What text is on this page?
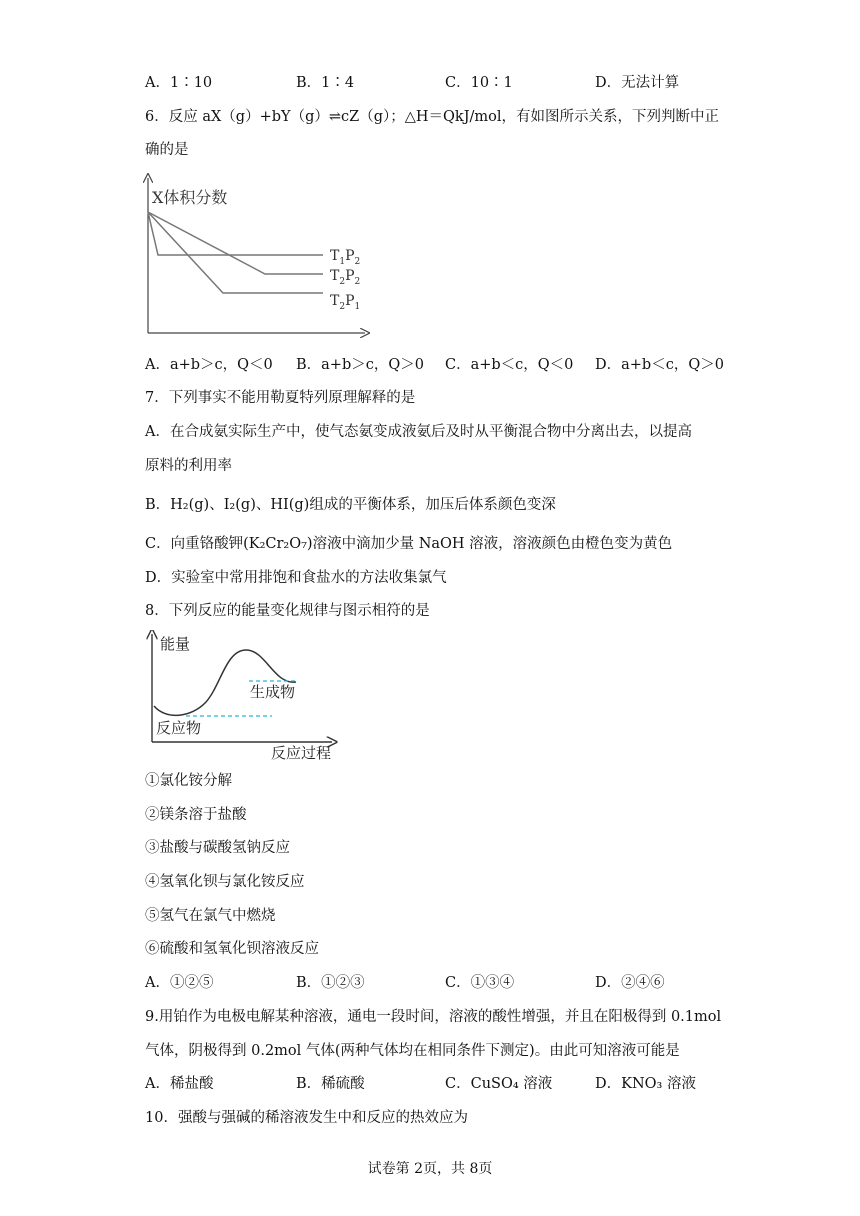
A．1∶10	B．1∶4	C．10∶1	D．无法计算
6．反应 aX（g）+bY（g）⇌cZ（g）；△H＝QkJ/mol，有如图所示关系，下列判断中正
确的是
X体积分数
$T_1P_2$
$T_2P_2$
$T_2P_1$
A．a+b＞c，Q＜0 B．a+b＞c，Q＞0 C．a+b＜c，Q＜0 D．a+b＜c，Q＞0
7．下列事实不能用勒夏特列原理解释的是
A．在合成氨实际生产中，使气态氨变成液氨后及时从平衡混合物中分离出去，以提高
原料的利用率
B．H₂(g)、I₂(g)、HI(g)组成的平衡体系，加压后体系颜色变深
C．向重铬酸钾(K₂Cr₂O₇)溶液中滴加少量 NaOH 溶液，溶液颜色由橙色变为黄色
D．实验室中常用排饱和食盐水的方法收集氯气
8．下列反应的能量变化规律与图示相符的是
能量
反应过程
生成物
反应物
①氯化铵分解
②镁条溶于盐酸
③盐酸与碳酸氢钠反应
④氢氧化钡与氯化铵反应
⑤氢气在氯气中燃烧
⑥硫酸和氢氧化钡溶液反应
A．①②⑤	B．①②③	C．①③④	D．②④⑥
9.用铂作为电极电解某种溶液，通电一段时间，溶液的酸性增强，并且在阳极得到 0.1mol
气体，阴极得到 0.2mol 气体(两种气体均在相同条件下测定)。由此可知溶液可能是
A．稀盐酸	B．稀硫酸	C．CuSO₄ 溶液	D．KNO₃ 溶液
10．强酸与强碱的稀溶液发生中和反应的热效应为
试卷第 2页，共 8页
